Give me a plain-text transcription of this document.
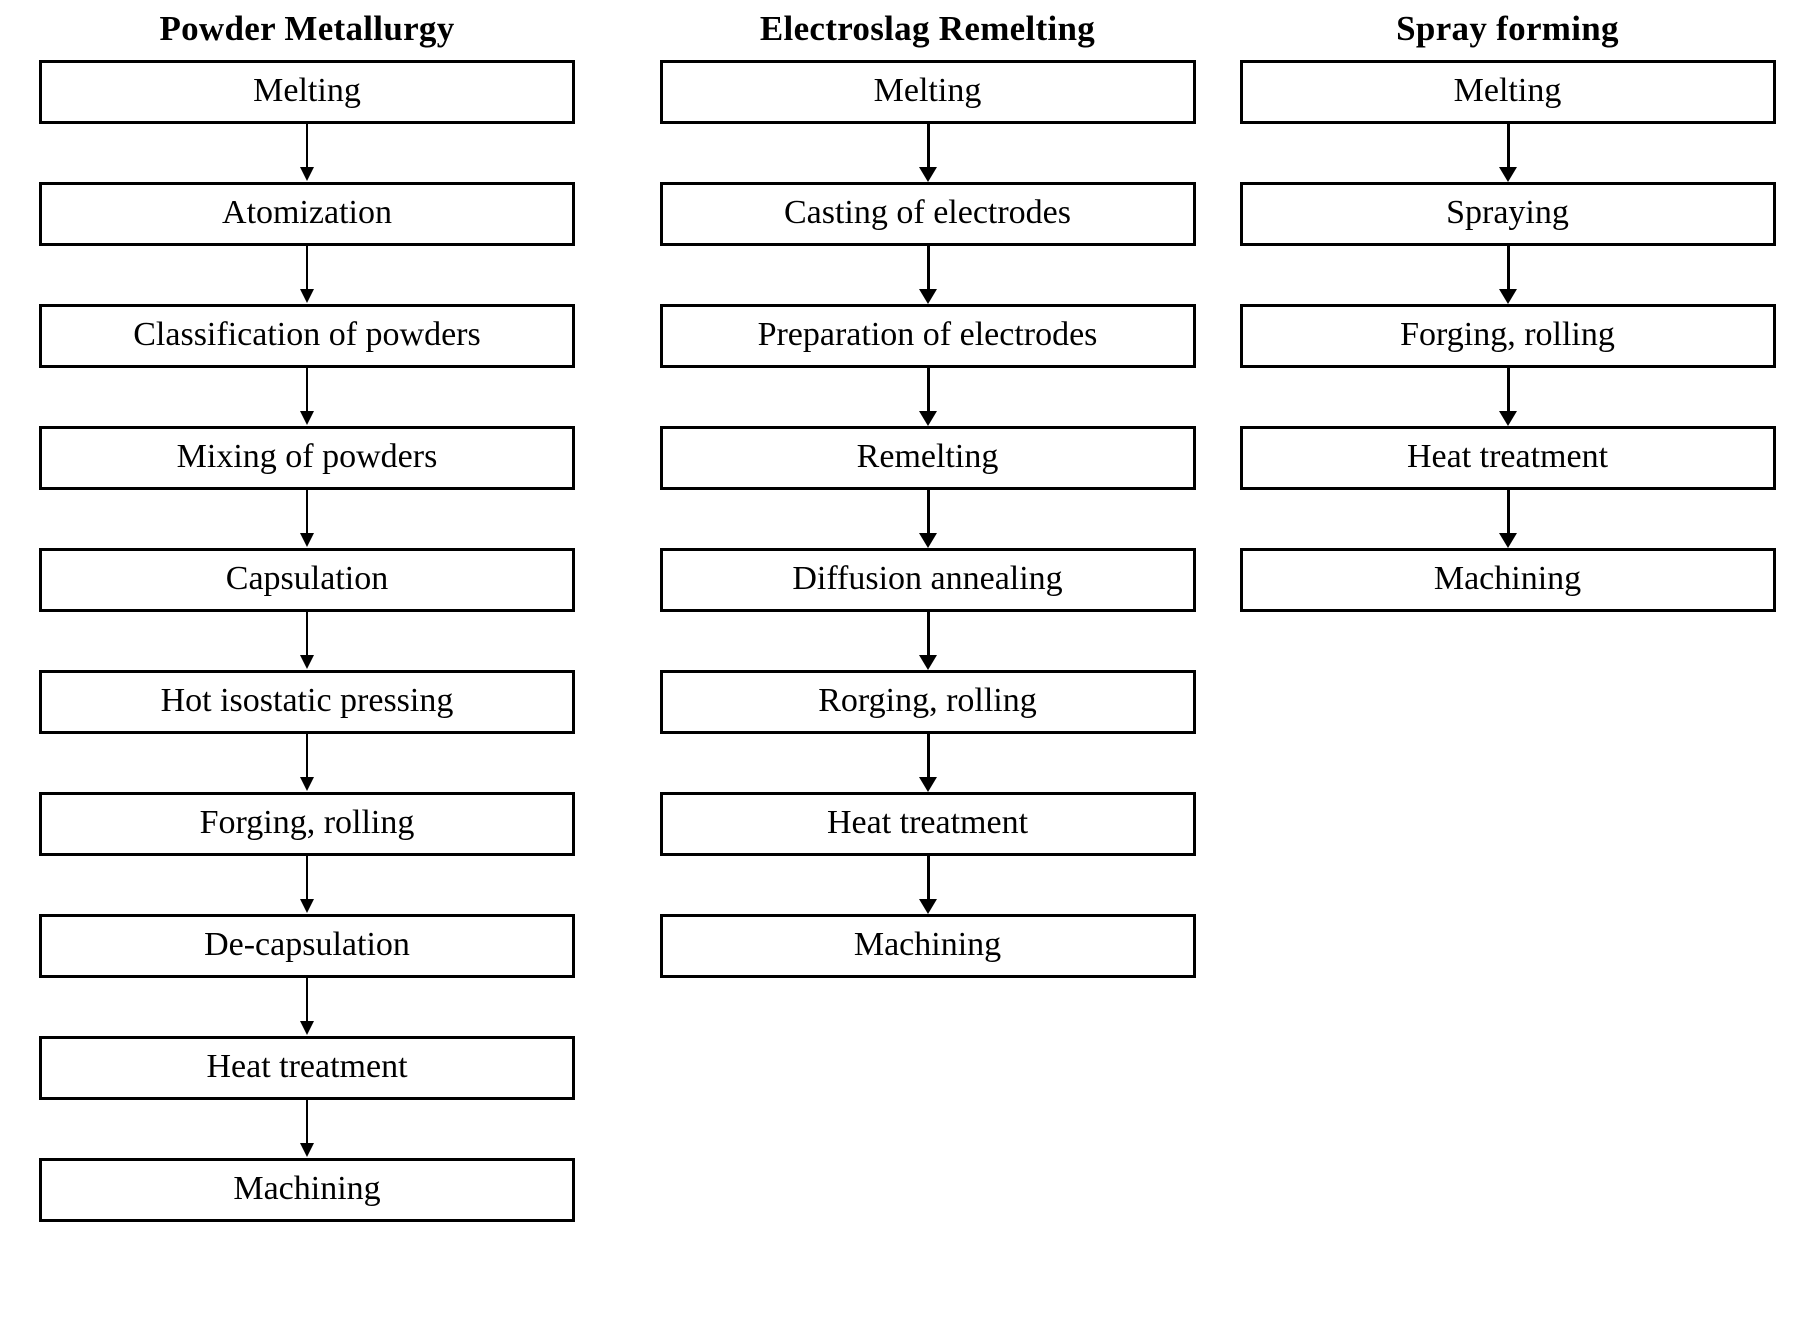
Powder Metallurgy
Melting
Atomization
Classification of powders
Mixing of powders
Capsulation
Hot isostatic pressing
Forging, rolling
De-capsulation
Heat treatment
Machining
Electroslag Remelting
Melting
Casting of electrodes
Preparation of electrodes
Remelting
Diffusion annealing
Rorging, rolling
Heat treatment
Machining
Spray forming
Melting
Spraying
Forging, rolling
Heat treatment
Machining
